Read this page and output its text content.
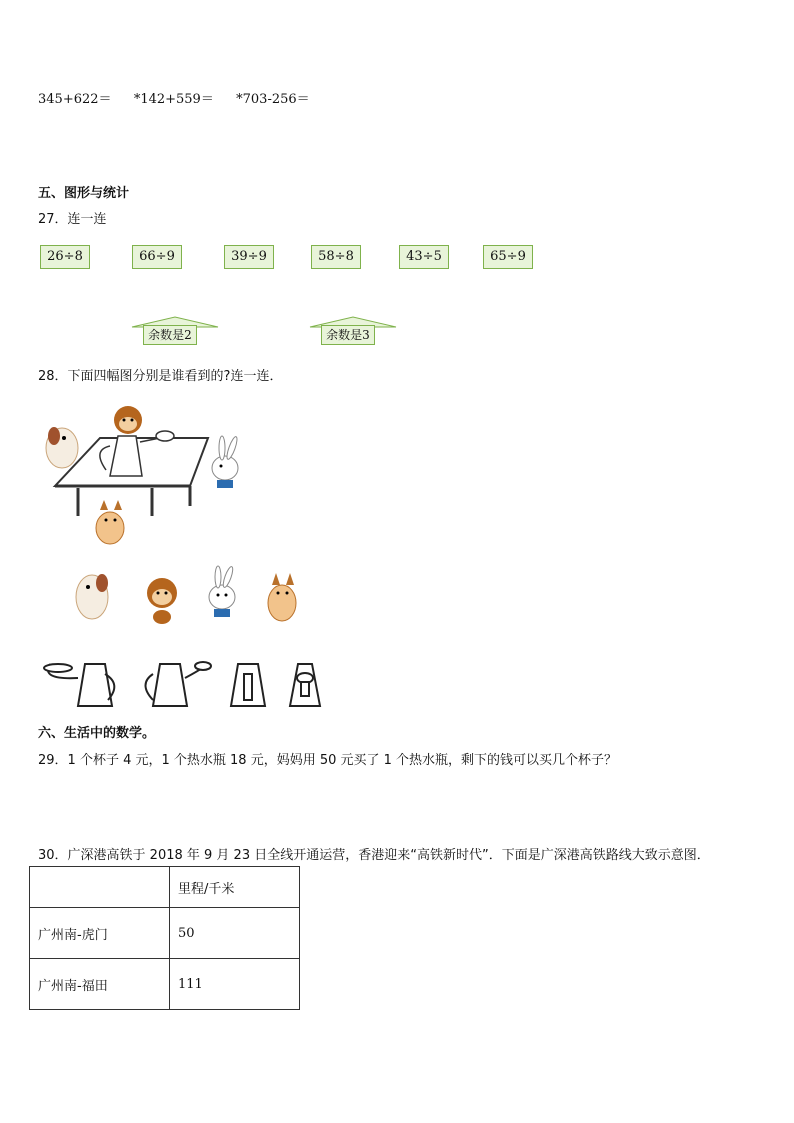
345+622＝ *142+559＝ *703-256＝
五、图形与统计
27．连一连
26÷8	66÷9	39÷9	58÷8	43÷5	65÷9
余数是2	余数是3
28．下面四幅图分别是谁看到的?连一连．
六、生活中的数学。
29．1 个杯子 4 元，1 个热水瓶 18 元，妈妈用 50 元买了 1 个热水瓶，剩下的钱可以买几个杯子？
30．广深港高铁于 2018 年 9 月 23 日全线开通运营，香港迎来“高铁新时代”．下面是广深港高铁路线大致示意图．
	里程/千米
广州南-虎门	50
广州南-福田	111
